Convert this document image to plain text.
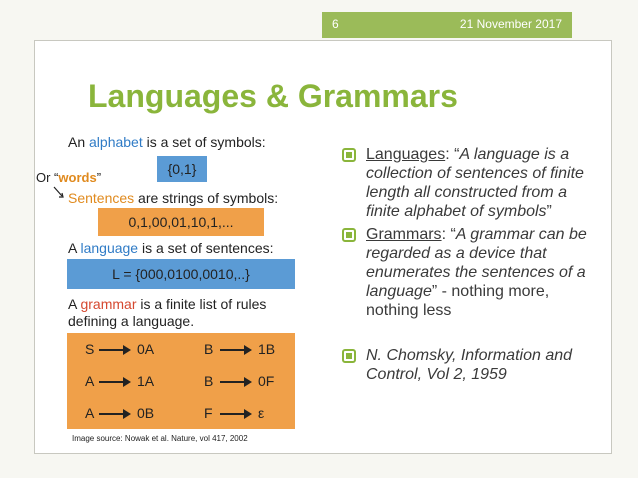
6	21 November 2017
Languages & Grammars
An alphabet is a set of symbols:
{0,1}
Or “words”
Sentences are strings of symbols:
0,1,00,01,10,1,...
A language is a set of sentences:
L = {000,0100,0010,..}
A grammar is a finite list of rules
defining a language.
S	0A	B	1B
A	1A	B	0F
A	0B	F	ε
Image source: Nowak et al. Nature, vol 417, 2002
Languages: “A language is a collection of sentences of finite length all constructed from a finite alphabet of symbols”
Grammars: “A grammar can be regarded as a device that enumerates the sentences of a language” - nothing more, nothing less
N. Chomsky, Information and Control, Vol 2, 1959
